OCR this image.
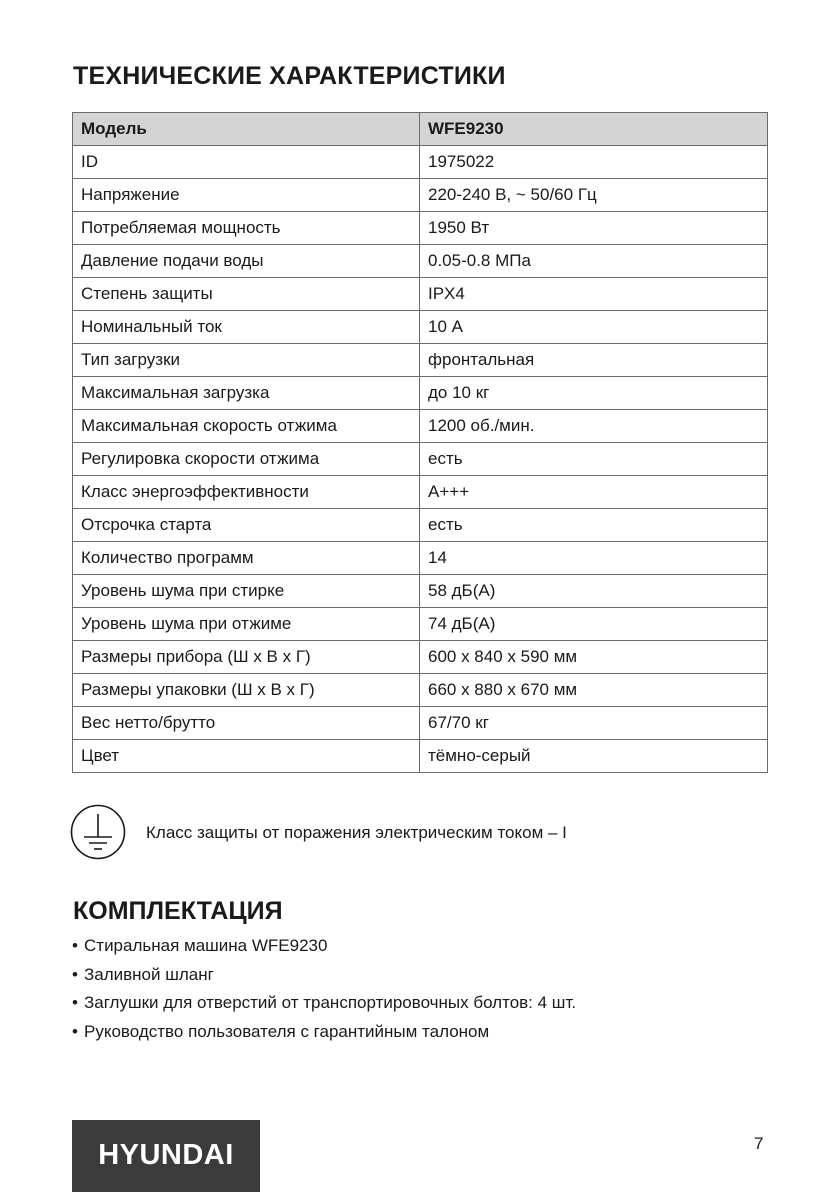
ТЕХНИЧЕСКИЕ ХАРАКТЕРИСТИКИ
Модель	WFE9230
ID	1975022
Напряжение	220-240 В, ~ 50/60 Гц
Потребляемая мощность	1950 Вт
Давление подачи воды	0.05-0.8 МПа
Степень защиты	IPX4
Номинальный ток	10 А
Тип загрузки	фронтальная
Максимальная загрузка	до 10 кг
Максимальная скорость отжима	1200 об./мин.
Регулировка скорости отжима	есть
Класс энергоэффективности	А+++
Отсрочка старта	есть
Количество программ	14
Уровень шума при стирке	58 дБ(А)
Уровень шума при отжиме	74 дБ(А)
Размеры прибора (Ш х В х Г)	600 х 840 х 590 мм
Размеры упаковки (Ш х В х Г)	660 х 880 х 670 мм
Вес нетто/брутто	67/70 кг
Цвет	тёмно-серый
Класс защиты от поражения электрическим током – I
КОМПЛЕКТАЦИЯ
• Стиральная машина WFE9230
• Заливной шланг
• Заглушки для отверстий от транспортировочных болтов: 4 шт.
• Руководство пользователя с гарантийным талоном
HYUNDAI	7
